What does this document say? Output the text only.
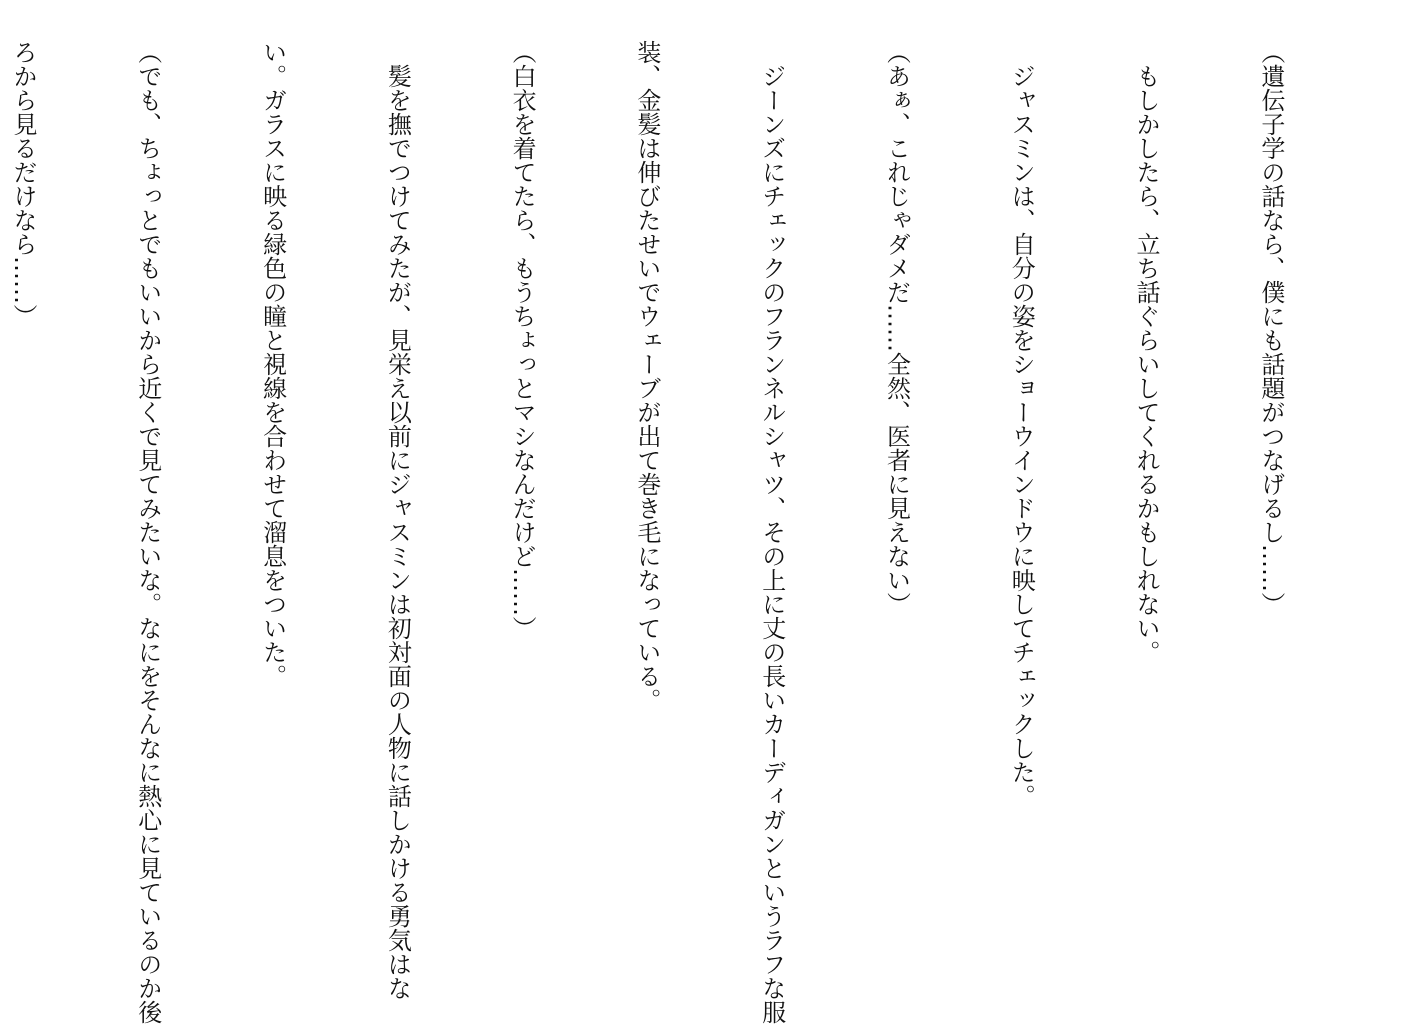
（遺伝子学の話なら、僕にも話題がつなげるし……）

　もしかしたら、立ち話ぐらいしてくれるかもしれない。

　ジャスミンは、自分の姿をショーウインドウに映してチェックした。

（あぁ、これじゃダメだ……全然、医者に見えない）

　ジーンズにチェックのフランネルシャツ、その上に丈の長いカーディガンというラフな服

装、金髪は伸びたせいでウェーブが出て巻き毛になっている。

（白衣を着てたら、もうちょっとマシなんだけど……）

　髪を撫でつけてみたが、見栄え以前にジャスミンは初対面の人物に話しかける勇気はな

い。ガラスに映る緑色の瞳と視線を合わせて溜息をついた。

（でも、ちょっとでもいいから近くで見てみたいな。なにをそんなに熱心に見ているのか後

ろから見るだけなら……）
